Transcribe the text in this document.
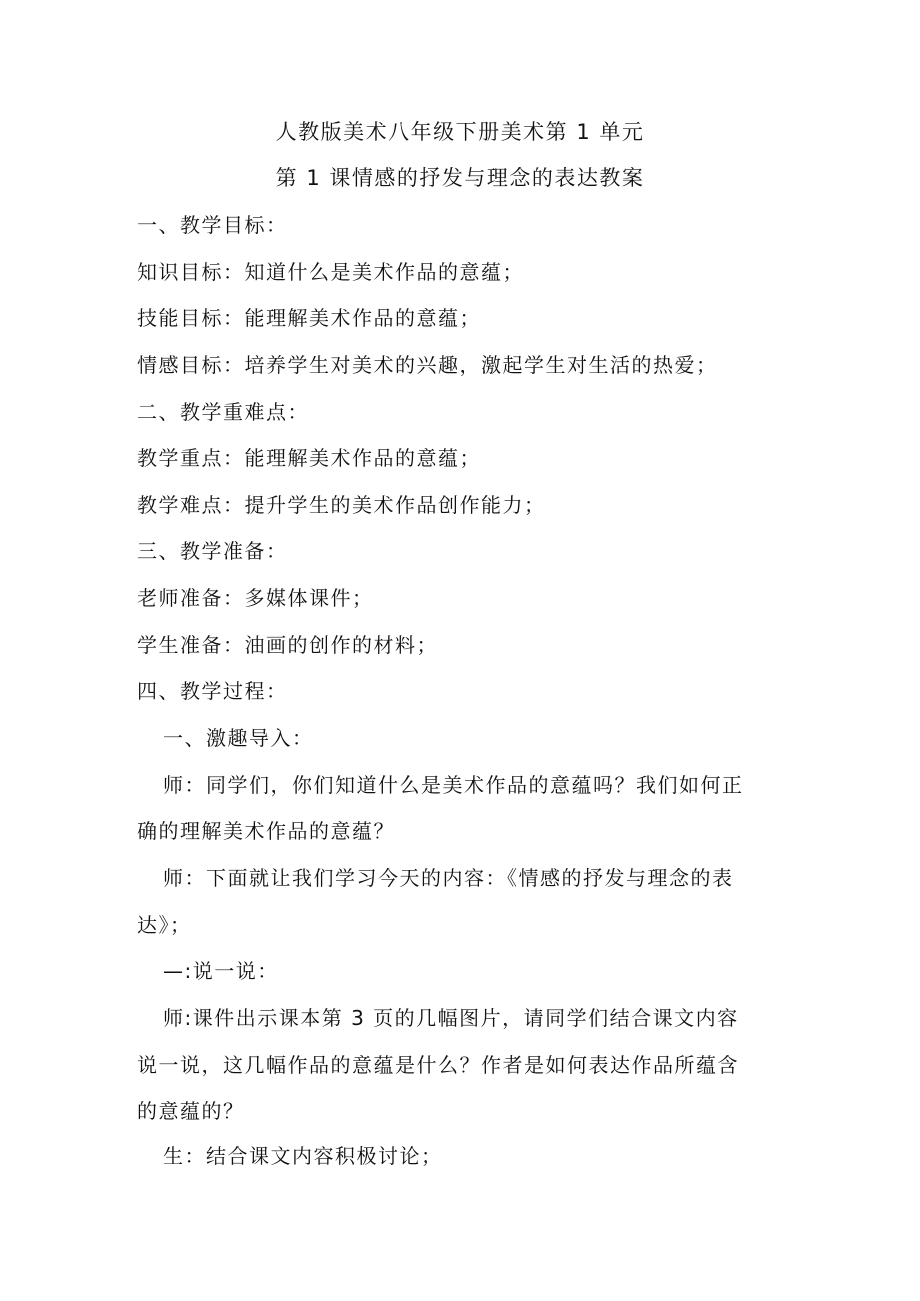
人教版美术八年级下册美术第 1 单元
第 1 课情感的抒发与理念的表达教案
一、教学目标：
知识目标：知道什么是美术作品的意蕴；
技能目标：能理解美术作品的意蕴；
情感目标：培养学生对美术的兴趣，激起学生对生活的热爱；
二、教学重难点：
教学重点：能理解美术作品的意蕴；
教学难点：提升学生的美术作品创作能力；
三、教学准备：
老师准备：多媒体课件；
学生准备：油画的创作的材料；
四、教学过程：
一、激趣导入：
师：同学们，你们知道什么是美术作品的意蕴吗？我们如何正
确的理解美术作品的意蕴？
师：下面就让我们学习今天的内容：《情感的抒发与理念的表
达》；
—:说一说：
师:课件出示课本第 3 页的几幅图片，请同学们结合课文内容
说一说，这几幅作品的意蕴是什么？作者是如何表达作品所蕴含
的意蕴的？
生：结合课文内容积极讨论；
